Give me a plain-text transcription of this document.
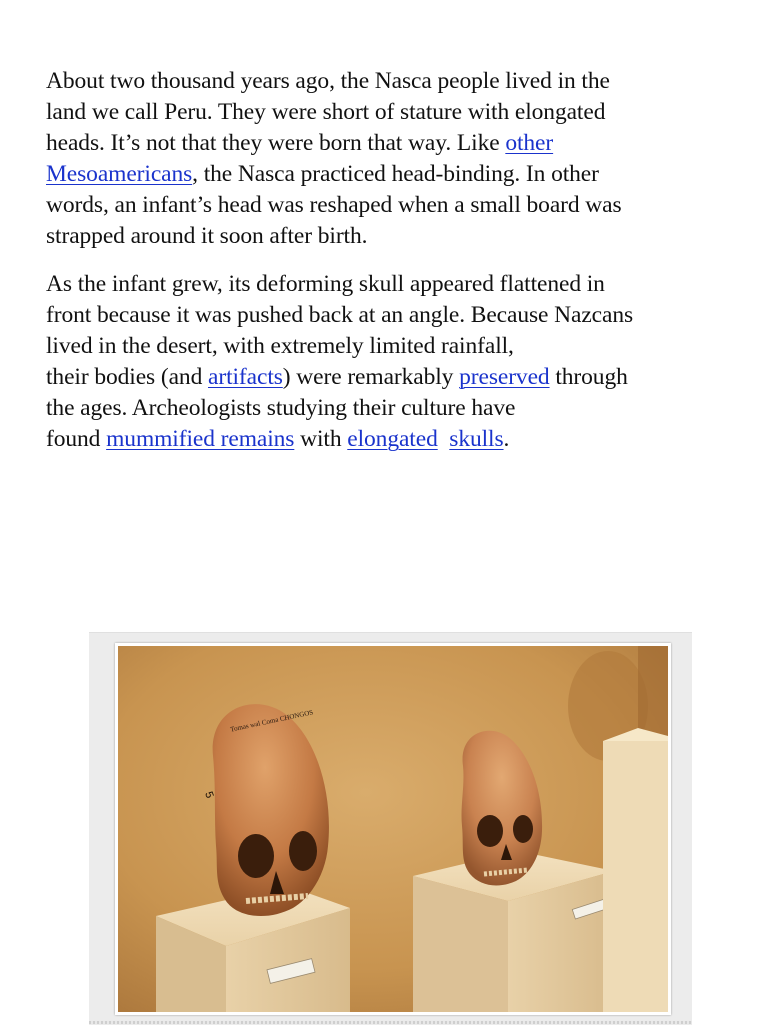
About two thousand years ago, the Nasca people lived in the
land we call Peru. They were short of stature with elongated
heads. It’s not that they were born that way. Like other
Mesoamericans, the Nasca practiced head-binding. In other
words, an infant’s head was reshaped when a small board was
strapped around it soon after birth.

As the infant grew, its deforming skull appeared flattened in
front because it was pushed back at an angle. Because Nazcans
lived in the desert, with extremely limited rainfall,
their bodies (and artifacts) were remarkably preserved through
the ages. Archeologists studying their culture have
found mummified remains with elongated skulls.

Tomas wal Coma CHONGOS
5
